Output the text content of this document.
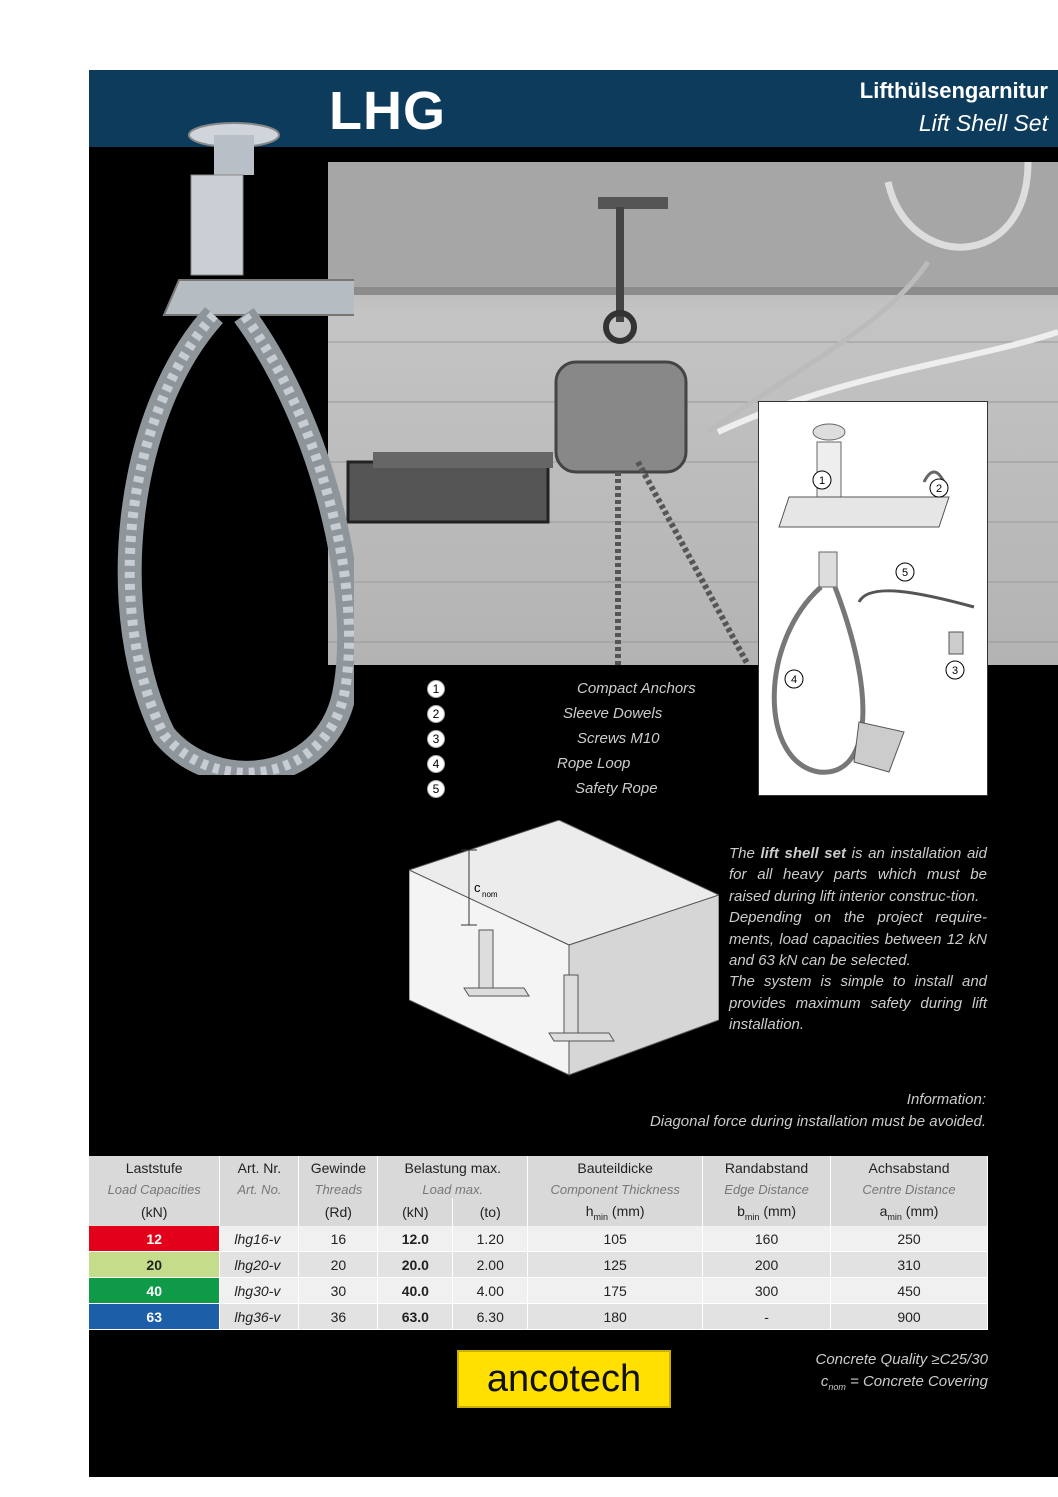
LHG	Lifthülsengarnitur
Lift Shell Set
1
2
4
5
3
1	Compact Anchors
2	Sleeve Dowels
3	Screws M10
4	Rope Loop
5	Safety Rope
c nom
The lift shell set is an installation aid for all heavy parts which must be raised during lift interior construc-tion.
Depending on the project require-ments, load capacities between 12 kN and 63 kN can be selected.
The system is simple to install and provides maximum safety during lift installation.
Information:
Diagonal force during installation must be avoided.
Laststufe	Art. Nr.	Gewinde	Belastung max.		Bauteildicke	Randabstand	Achsabstand
Load Capacities	Art. No.	Threads	Load max.		Component Thickness	Edge Distance	Centre Distance
(kN)		(Rd)	(kN)	(to)	$h_{min}$ (mm)	$b_{min}$ (mm)	$a_{min}$ (mm)
12	lhg16-v	16	12.0	1.20	105	160	250
20	lhg20-v	20	20.0	2.00	125	200	310
40	lhg30-v	30	40.0	4.00	175	300	450
63	lhg36-v	36	63.0	6.30	180	-	900
ancotech	Concrete Quality ≥C25/30
$c_{nom}$ = Concrete Covering
